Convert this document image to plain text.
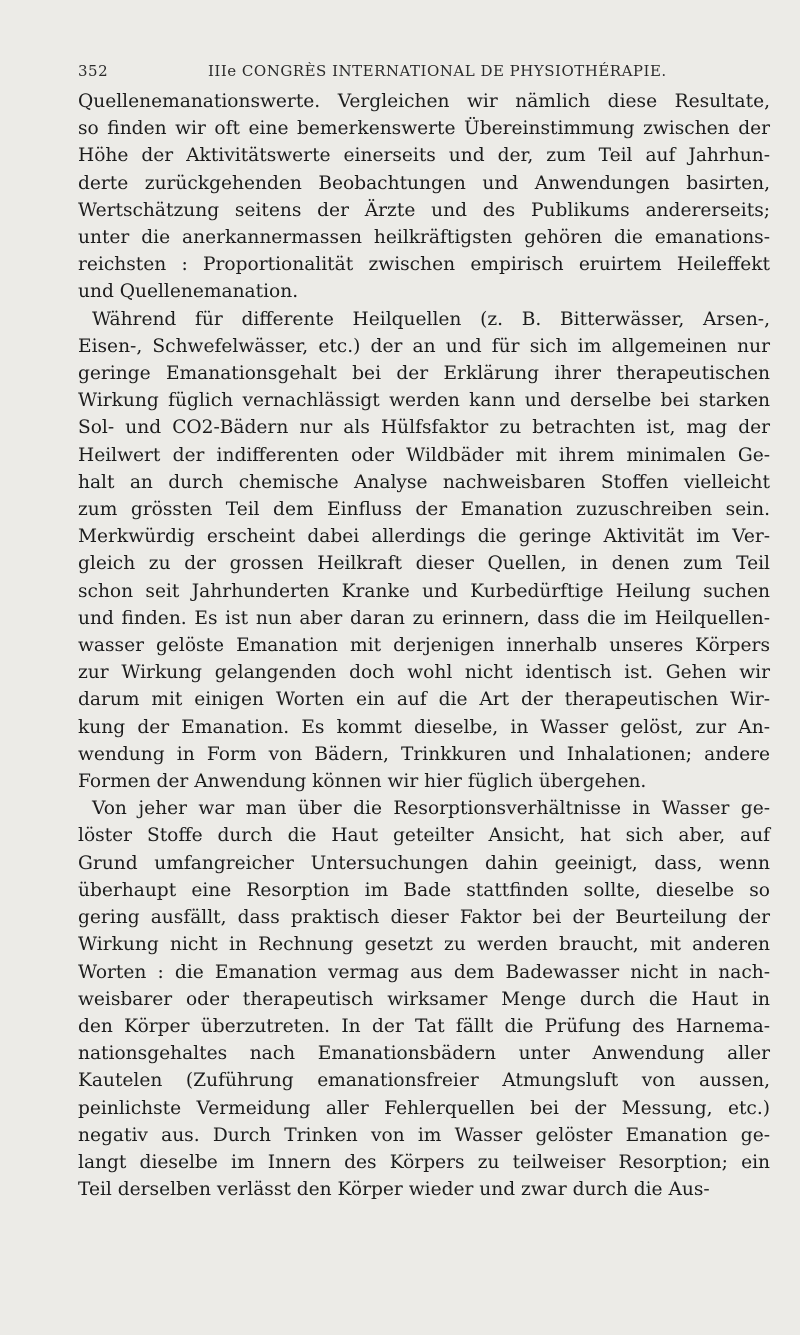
352	IIIe CONGRÈS INTERNATIONAL DE PHYSIOTHÉRAPIE.
Quellenemanationswerte. Vergleichen wir nämlich diese Resultate,
so finden wir oft eine bemerkenswerte Übereinstimmung zwischen der
Höhe der Aktivitätswerte einerseits und der, zum Teil auf Jahrhun-
derte zurückgehenden Beobachtungen und Anwendungen basirten,
Wertschätzung seitens der Ärzte und des Publikums andererseits;
unter die anerkannermassen heilkräftigsten gehören die emanations-
reichsten : Proportionalität zwischen empirisch eruirtem Heileffekt
und Quellenemanation.
Während für differente Heilquellen (z. B. Bitterwässer, Arsen-,
Eisen-, Schwefelwässer, etc.) der an und für sich im allgemeinen nur
geringe Emanationsgehalt bei der Erklärung ihrer therapeutischen
Wirkung füglich vernachlässigt werden kann und derselbe bei starken
Sol- und CO2-Bädern nur als Hülfsfaktor zu betrachten ist, mag der
Heilwert der indifferenten oder Wildbäder mit ihrem minimalen Ge-
halt an durch chemische Analyse nachweisbaren Stoffen vielleicht
zum grössten Teil dem Einfluss der Emanation zuzuschreiben sein.
Merkwürdig erscheint dabei allerdings die geringe Aktivität im Ver-
gleich zu der grossen Heilkraft dieser Quellen, in denen zum Teil
schon seit Jahrhunderten Kranke und Kurbedürftige Heilung suchen
und finden. Es ist nun aber daran zu erinnern, dass die im Heilquellen-
wasser gelöste Emanation mit derjenigen innerhalb unseres Körpers
zur Wirkung gelangenden doch wohl nicht identisch ist. Gehen wir
darum mit einigen Worten ein auf die Art der therapeutischen Wir-
kung der Emanation. Es kommt dieselbe, in Wasser gelöst, zur An-
wendung in Form von Bädern, Trinkkuren und Inhalationen; andere
Formen der Anwendung können wir hier füglich übergehen.
Von jeher war man über die Resorptionsverhältnisse in Wasser ge-
löster Stoffe durch die Haut geteilter Ansicht, hat sich aber, auf
Grund umfangreicher Untersuchungen dahin geeinigt, dass, wenn
überhaupt eine Resorption im Bade stattfinden sollte, dieselbe so
gering ausfällt, dass praktisch dieser Faktor bei der Beurteilung der
Wirkung nicht in Rechnung gesetzt zu werden braucht, mit anderen
Worten : die Emanation vermag aus dem Badewasser nicht in nach-
weisbarer oder therapeutisch wirksamer Menge durch die Haut in
den Körper überzutreten. In der Tat fällt die Prüfung des Harnema-
nationsgehaltes nach Emanationsbädern unter Anwendung aller
Kautelen (Zuführung emanationsfreier Atmungsluft von aussen,
peinlichste Vermeidung aller Fehlerquellen bei der Messung, etc.)
negativ aus. Durch Trinken von im Wasser gelöster Emanation ge-
langt dieselbe im Innern des Körpers zu teilweiser Resorption; ein
Teil derselben verlässt den Körper wieder und zwar durch die Aus-
